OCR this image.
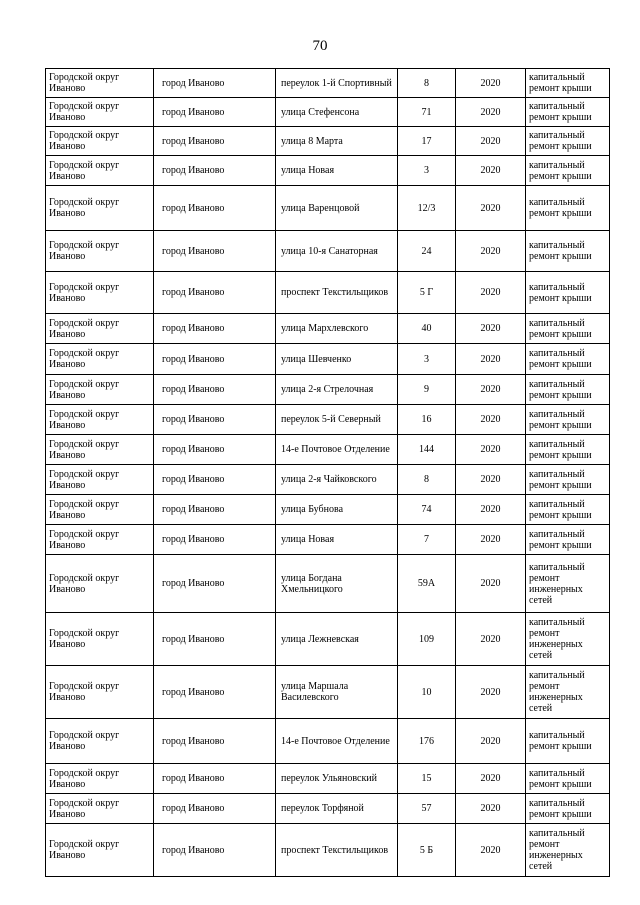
70
Городской округ Иваново	город Иваново	переулок 1-й Спортивный	8	2020	капитальный ремонт крыши
Городской округ Иваново	город Иваново	улица Стефенсона	71	2020	капитальный ремонт крыши
Городской округ Иваново	город Иваново	улица 8 Марта	17	2020	капитальный ремонт крыши
Городской округ Иваново	город Иваново	улица Новая	3	2020	капитальный ремонт крыши
Городской округ Иваново	город Иваново	улица Варенцовой	12/3	2020	капитальный ремонт крыши
Городской округ Иваново	город Иваново	улица 10-я Санаторная	24	2020	капитальный ремонт крыши
Городской округ Иваново	город Иваново	проспект Текстильщиков	5 Г	2020	капитальный ремонт крыши
Городской округ Иваново	город Иваново	улица Мархлевского	40	2020	капитальный ремонт крыши
Городской округ Иваново	город Иваново	улица Шевченко	3	2020	капитальный ремонт крыши
Городской округ Иваново	город Иваново	улица 2-я Стрелочная	9	2020	капитальный ремонт крыши
Городской округ Иваново	город Иваново	переулок 5-й Северный	16	2020	капитальный ремонт крыши
Городской округ Иваново	город Иваново	14-е Почтовое Отделение	144	2020	капитальный ремонт крыши
Городской округ Иваново	город Иваново	улица 2-я Чайковского	8	2020	капитальный ремонт крыши
Городской округ Иваново	город Иваново	улица Бубнова	74	2020	капитальный ремонт крыши
Городской округ Иваново	город Иваново	улица Новая	7	2020	капитальный ремонт крыши
Городской округ Иваново	город Иваново	улица Богдана Хмельницкого	59А	2020	капитальный ремонт инженерных сетей
Городской округ Иваново	город Иваново	улица Лежневская	109	2020	капитальный ремонт инженерных сетей
Городской округ Иваново	город Иваново	улица Маршала Василевского	10	2020	капитальный ремонт инженерных сетей
Городской округ Иваново	город Иваново	14-е Почтовое Отделение	176	2020	капитальный ремонт крыши
Городской округ Иваново	город Иваново	переулок Ульяновский	15	2020	капитальный ремонт крыши
Городской округ Иваново	город Иваново	переулок Торфяной	57	2020	капитальный ремонт крыши
Городской округ Иваново	город Иваново	проспект Текстильщиков	5 Б	2020	капитальный ремонт инженерных сетей
